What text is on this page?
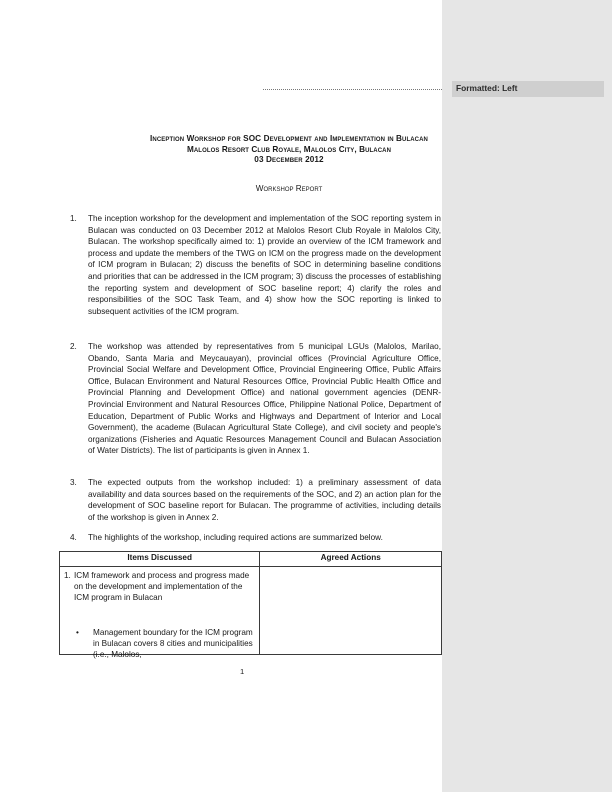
Inception Workshop for SOC Development and Implementation in Bulacan
Malolos Resort Club Royale, Malolos City, Bulacan
03 December 2012
Workshop Report
1. The inception workshop for the development and implementation of the SOC reporting system in Bulacan was conducted on 03 December 2012 at Malolos Resort Club Royale in Malolos City, Bulacan. The workshop specifically aimed to: 1) provide an overview of the ICM framework and process and update the members of the TWG on ICM on the progress made on the development of ICM program in Bulacan; 2) discuss the benefits of SOC in determining baseline conditions and priorities that can be addressed in the ICM program; 3) discuss the processes of establishing the reporting system and development of SOC baseline report; 4) clarify the roles and responsibilities of the SOC Task Team, and 4) show how the SOC reporting is linked to subsequent activities of the ICM program.
2. The workshop was attended by representatives from 5 municipal LGUs (Malolos, Marilao, Obando, Santa Maria and Meycauayan), provincial offices (Provincial Agriculture Office, Provincial Social Welfare and Development Office, Provincial Engineering Office, Public Affairs Office, Bulacan Environment and Natural Resources Office, Provincial Public Health Office and Provincial Planning and Development Office) and national government agencies (DENR-Provincial Environment and Natural Resources Office, Philippine National Police, Department of Education, Department of Public Works and Highways and Department of Interior and Local Government), the academe (Bulacan Agricultural State College), and civil society and people's organizations (Fisheries and Aquatic Resources Management Council and Bulacan Association of Water Districts). The list of participants is given in Annex 1.
3. The expected outputs from the workshop included: 1) a preliminary assessment of data availability and data sources based on the requirements of the SOC, and 2) an action plan for the development of SOC baseline report for Bulacan. The programme of activities, including details of the workshop is given in Annex 2.
4. The highlights of the workshop, including required actions are summarized below.
Items Discussed	Agreed Actions

1. ICM framework and process and progress made on the development and implementation of the ICM program in Bulacan
• Management boundary for the ICM program in Bulacan covers 8 cities and municipalities (i.e., Malolos,	

1
Formatted: Left
